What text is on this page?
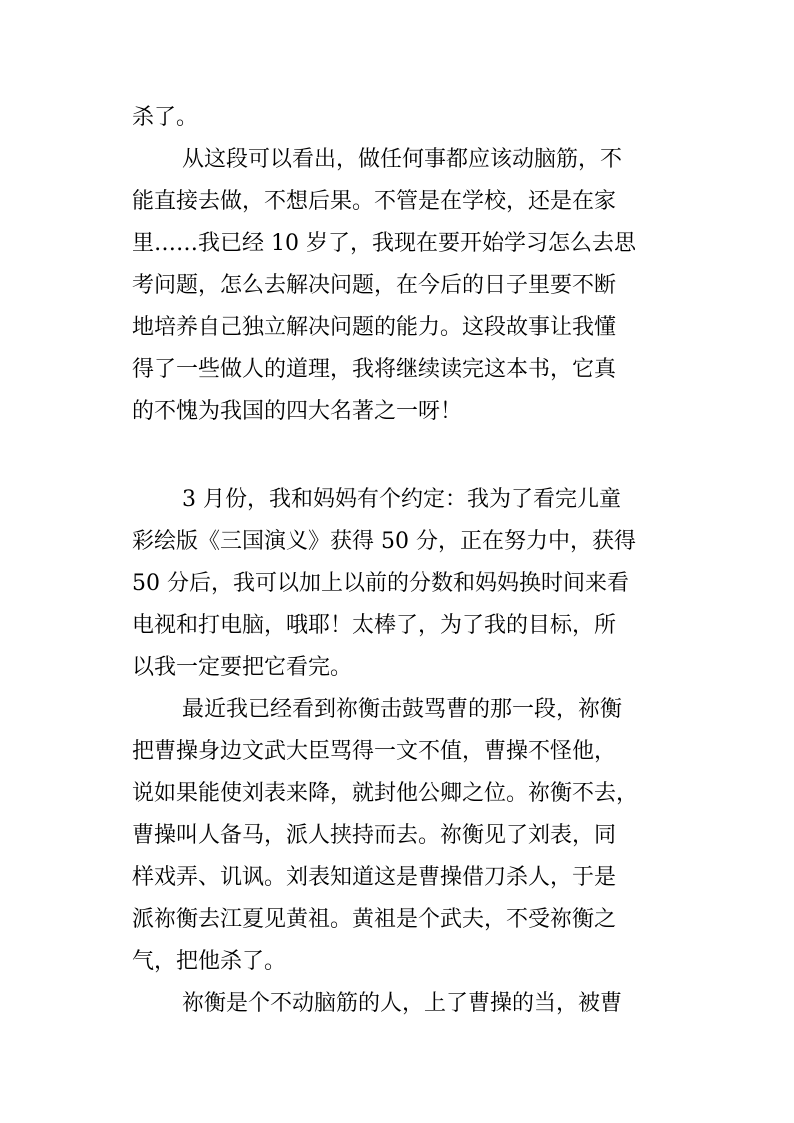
杀了。
从这段可以看出，做任何事都应该动脑筋，不
能直接去做，不想后果。不管是在学校，还是在家
里……我已经 10 岁了，我现在要开始学习怎么去思
考问题，怎么去解决问题，在今后的日子里要不断
地培养自己独立解决问题的能力。这段故事让我懂
得了一些做人的道理，我将继续读完这本书，它真
的不愧为我国的四大名著之一呀！
3 月份，我和妈妈有个约定：我为了看完儿童
彩绘版《三国演义》获得 50 分，正在努力中，获得
50 分后，我可以加上以前的分数和妈妈换时间来看
电视和打电脑，哦耶！太棒了，为了我的目标，所
以我一定要把它看完。
最近我已经看到祢衡击鼓骂曹的那一段，祢衡
把曹操身边文武大臣骂得一文不值，曹操不怪他，
说如果能使刘表来降，就封他公卿之位。祢衡不去，
曹操叫人备马，派人挟持而去。祢衡见了刘表，同
样戏弄、讥讽。刘表知道这是曹操借刀杀人，于是
派祢衡去江夏见黄祖。黄祖是个武夫，不受祢衡之
气，把他杀了。
祢衡是个不动脑筋的人，上了曹操的当，被曹
